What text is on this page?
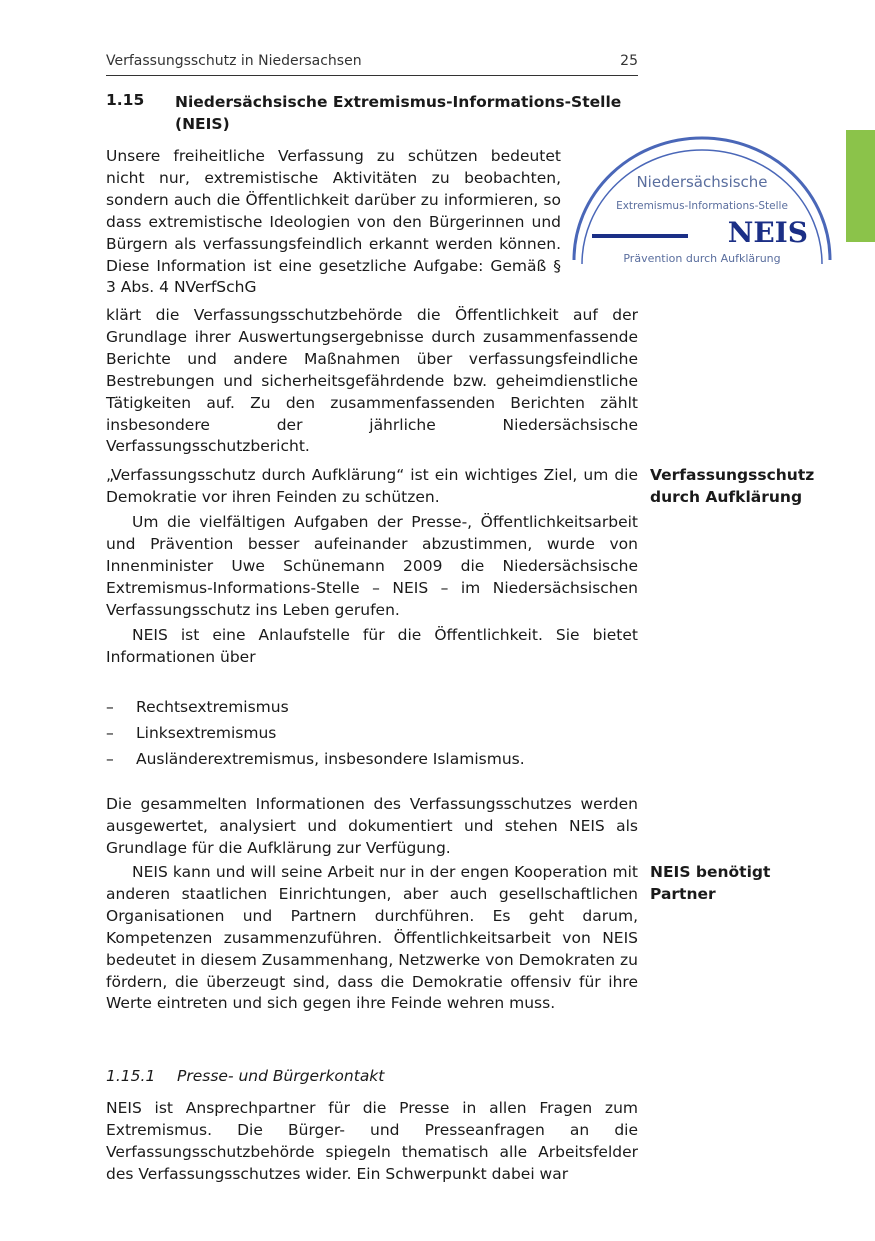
Verfassungsschutz in Niedersachsen	25
1.15 Niedersächsische Extremismus-Informations-Stelle
(NEIS)
Unsere freiheitliche Verfassung zu schützen bedeutet nicht nur, extremistische Aktivitäten zu beobachten, sondern auch die Öffentlichkeit darüber zu informieren, so dass extremistische Ideologien von den Bürgerinnen und Bürgern als verfassungsfeindlich erkannt werden können. Diese Information ist eine gesetzliche Aufgabe: Gemäß § 3 Abs. 4 NVerfSchG
Niedersächsische
Extremismus-Informations-Stelle
NEIS
Prävention durch Aufklärung
klärt die Verfassungsschutzbehörde die Öffentlichkeit auf der Grundlage ihrer Auswertungsergebnisse durch zusammenfassende Berichte und andere Maßnahmen über verfassungsfeindliche Bestrebungen und sicherheitsgefährdende bzw. geheimdienstliche Tätigkeiten auf. Zu den zusammenfassenden Berichten zählt insbesondere der jährliche Niedersächsische Verfassungsschutzbericht.
„Verfassungsschutz durch Aufklärung“ ist ein wichtiges Ziel, um die Demokratie vor ihren Feinden zu schützen.
Verfassungsschutz
durch Aufklärung
Um die vielfältigen Aufgaben der Presse-, Öffentlichkeitsarbeit und Prävention besser aufeinander abzustimmen, wurde von Innenminister Uwe Schünemann 2009 die Niedersächsische Extremismus-Informations-Stelle – NEIS – im Niedersächsischen Verfassungsschutz ins Leben gerufen.
NEIS ist eine Anlaufstelle für die Öffentlichkeit. Sie bietet Informationen über
– Rechtsextremismus
– Linksextremismus
– Ausländerextremismus, insbesondere Islamismus.
Die gesammelten Informationen des Verfassungsschutzes werden ausgewertet, analysiert und dokumentiert und stehen NEIS als Grundlage für die Aufklärung zur Verfügung.
NEIS kann und will seine Arbeit nur in der engen Kooperation mit anderen staatlichen Einrichtungen, aber auch gesellschaftlichen Organisationen und Partnern durchführen. Es geht darum, Kompetenzen zusammenzuführen. Öffentlichkeitsarbeit von NEIS bedeutet in diesem Zusammenhang, Netzwerke von Demokraten zu fördern, die überzeugt sind, dass die Demokratie offensiv für ihre Werte eintreten und sich gegen ihre Feinde wehren muss.
NEIS benötigt
Partner
1.15.1 Presse- und Bürgerkontakt
NEIS ist Ansprechpartner für die Presse in allen Fragen zum Extremismus. Die Bürger- und Presseanfragen an die Verfassungsschutzbehörde spiegeln thematisch alle Arbeitsfelder des Verfassungsschutzes wider. Ein Schwerpunkt dabei war
